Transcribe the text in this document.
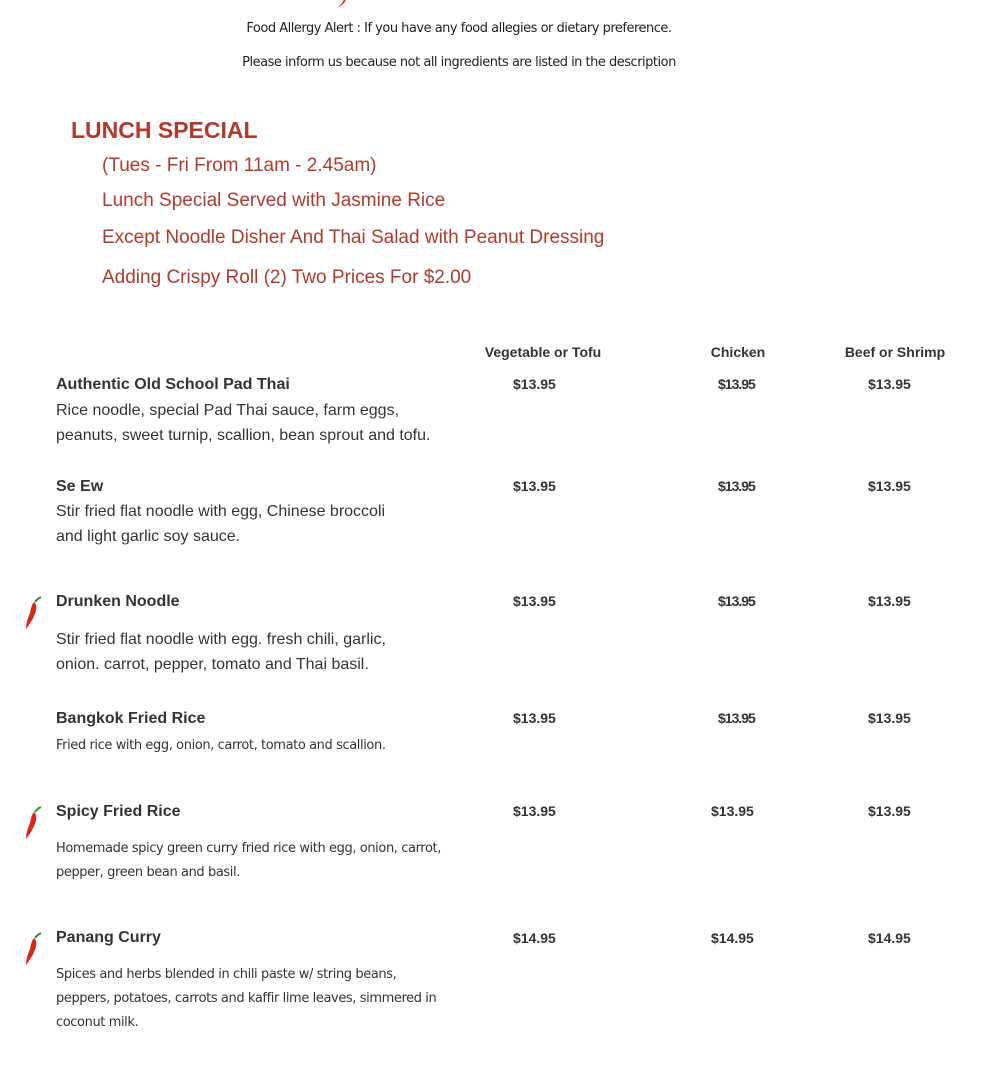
Food Allergy Alert : If you have any food allegies or dietary preference.
Please inform us because not all ingredients are listed in the description
LUNCH SPECIAL
(Tues - Fri From 11am - 2.45am)
Lunch Special Served with Jasmine Rice
Except Noodle Disher And Thai Salad with Peanut Dressing
Adding Crispy Roll (2) Two Prices For $2.00
Vegetable or Tofu	Chicken	Beef or Shrimp
Authentic Old School Pad Thai
Rice noodle, special Pad Thai sauce, farm eggs,
peanuts, sweet turnip, scallion, bean sprout and tofu.
$13.95	$13.95	$13.95
Se Ew
Stir fried flat noodle with egg, Chinese broccoli
and light garlic soy sauce.
$13.95	$13.95	$13.95
Drunken Noodle
Stir fried flat noodle with egg. fresh chili, garlic,
onion. carrot, pepper, tomato and Thai basil.
$13.95	$13.95	$13.95
Bangkok Fried Rice
Fried rice with egg, onion, carrot, tomato and scallion.
$13.95	$13.95	$13.95
Spicy Fried Rice
Homemade spicy green curry fried rice with egg, onion, carrot,
pepper, green bean and basil.
$13.95	$13.95	$13.95
Panang Curry
Spices and herbs blended in chili paste w/ string beans,
peppers, potatoes, carrots and kaffir lime leaves, simmered in
coconut milk.
$14.95	$14.95	$14.95
